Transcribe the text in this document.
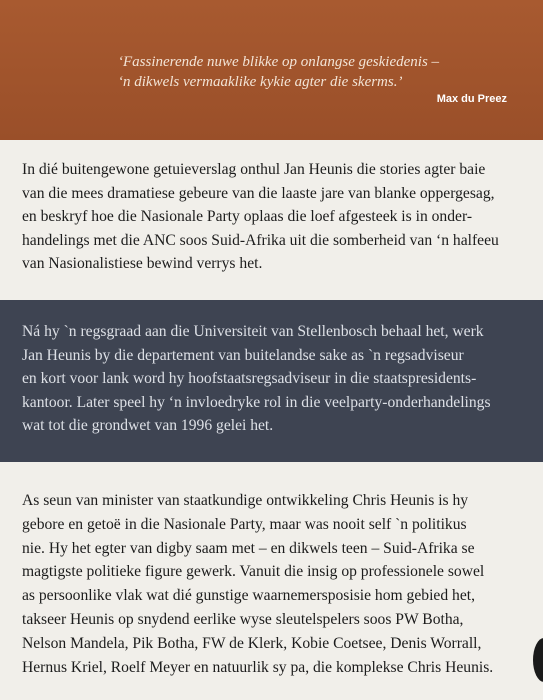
‘Fassinerende nuwe blikke op onlangse geskiedenis –
‘n dikwels vermaaklike kykie agter die skerms.’
Max du Preez
In dié buitengewone getuieverslag onthul Jan Heunis die stories agter baie
van die mees dramatiese gebeure van die laaste jare van blanke oppergesag,
en beskryf hoe die Nasionale Party oplaas die loef afgesteek is in onder-
handelings met die ANC soos Suid-Afrika uit die somberheid van ‘n halfeeu
van Nasionalistiese bewind verrys het.
Ná hy `n regsgraad aan die Universiteit van Stellenbosch behaal het, werk
Jan Heunis by die departement van buitelandse sake as `n regsadviseur
en kort voor lank word hy hoofstaatsregsadviseur in die staatspresidents-
kantoor. Later speel hy ‘n invloedryke rol in die veelparty-onderhandelings
wat tot die grondwet van 1996 gelei het.
As seun van minister van staatkundige ontwikkeling Chris Heunis is hy
gebore en getoë in die Nasionale Party, maar was nooit self `n politikus
nie. Hy het egter van digby saam met – en dikwels teen – Suid-Afrika se
magtigste politieke figure gewerk. Vanuit die insig op professionele sowel
as persoonlike vlak wat dié gunstige waarnemersposisie hom gebied het,
takseer Heunis op snydend eerlike wyse sleutelspelers soos PW Botha,
Nelson Mandela, Pik Botha, FW de Klerk, Kobie Coetsee, Denis Worrall,
Hernus Kriel, Roelf Meyer en natuurlik sy pa, die komplekse Chris Heunis.
